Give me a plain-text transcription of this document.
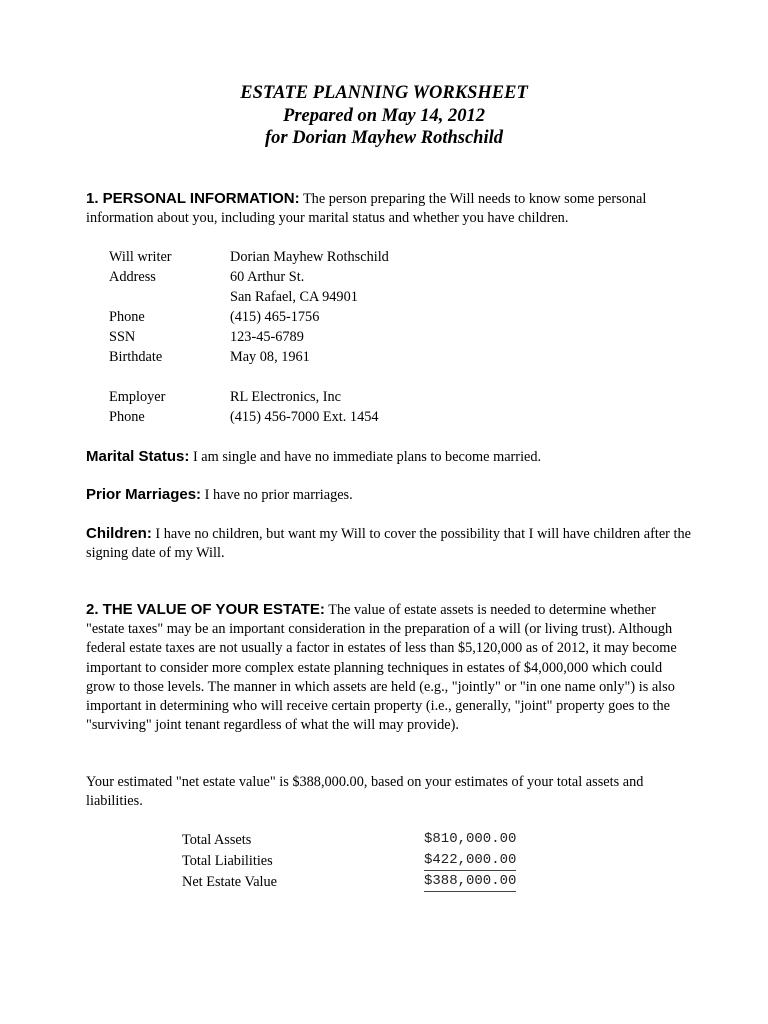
ESTATE PLANNING WORKSHEET
Prepared on May 14, 2012
for Dorian Mayhew Rothschild

1. PERSONAL INFORMATION: The person preparing the Will needs to know some personal information about you, including your marital status and whether you have children.

Will writer	Dorian Mayhew Rothschild
Address	60 Arthur St.
San Rafael, CA 94901
Phone	(415) 465-1756
SSN	123-45-6789
Birthdate	May 08, 1961
Employer	RL Electronics, Inc
Phone	(415) 456-7000 Ext. 1454

Marital Status: I am single and have no immediate plans to become married.

Prior Marriages: I have no prior marriages.

Children: I have no children, but want my Will to cover the possibility that I will have children after the signing date of my Will.

2. THE VALUE OF YOUR ESTATE: The value of estate assets is needed to determine whether "estate taxes" may be an important consideration in the preparation of a will (or living trust). Although federal estate taxes are not usually a factor in estates of less than $5,120,000 as of 2012, it may become important to consider more complex estate planning techniques in estates of $4,000,000 which could grow to those levels. The manner in which assets are held (e.g., "jointly" or "in one name only") is also important in determining who will receive certain property (i.e., generally, "joint" property goes to the "surviving" joint tenant regardless of what the will may provide).

Your estimated "net estate value" is $388,000.00, based on your estimates of your total assets and liabilities.

Total Assets	$810,000.00
Total Liabilities	$422,000.00
Net Estate Value	$388,000.00
